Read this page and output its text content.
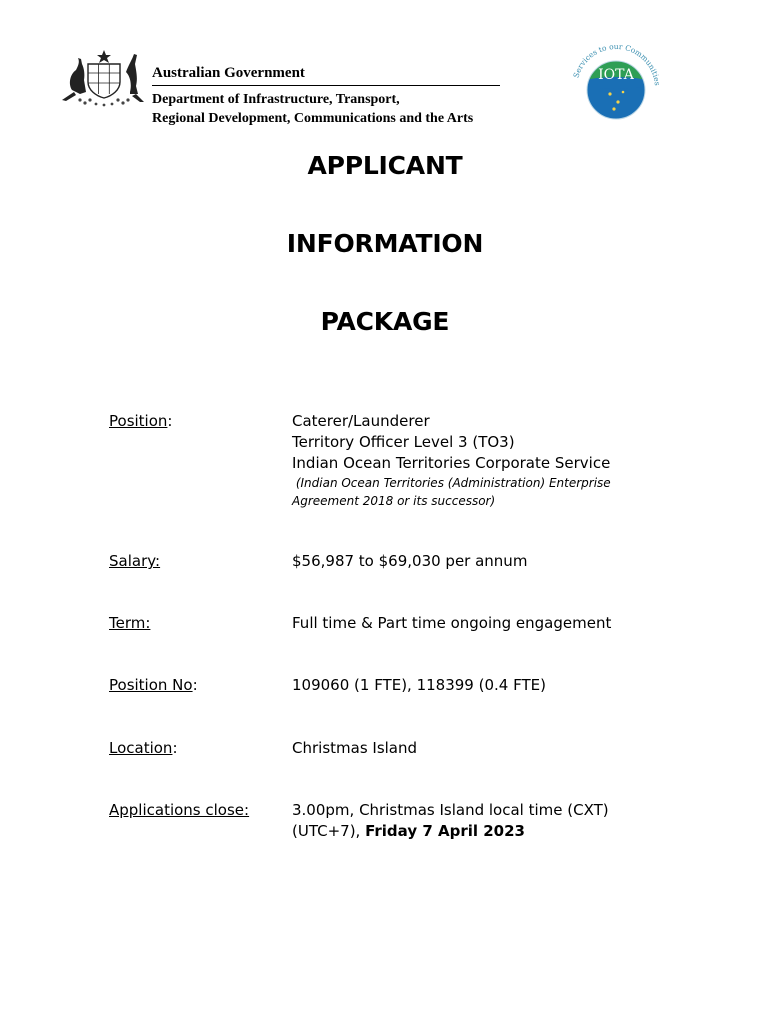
Australian Government
Department of Infrastructure, Transport,
Regional Development, Communications and the Arts
Services to our Communities
IOTA
APPLICANT
INFORMATION
PACKAGE
Position:	Caterer/Launderer
Territory Officer Level 3 (TO3)
Indian Ocean Territories Corporate Service
(Indian Ocean Territories (Administration) Enterprise
Agreement 2018 or its successor)
Salary:	$56,987 to $69,030 per annum
Term:	Full time & Part time ongoing engagement
Position No:	109060 (1 FTE), 118399 (0.4 FTE)
Location:	Christmas Island
Applications close:	3.00pm, Christmas Island local time (CXT)
(UTC+7), Friday 7 April 2023
